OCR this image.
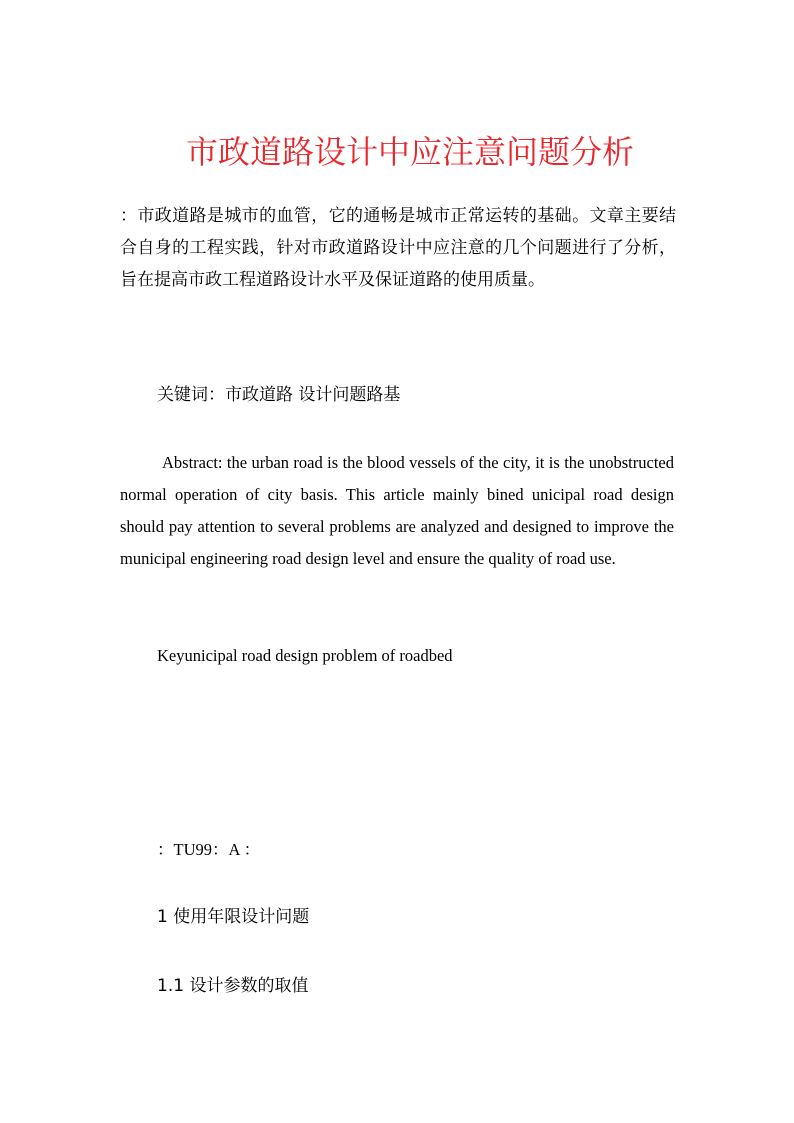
市政道路设计中应注意问题分析
：市政道路是城市的血管，它的通畅是城市正常运转的基础。文章主要结合自身的工程实践，针对市政道路设计中应注意的几个问题进行了分析，旨在提高市政工程道路设计水平及保证道路的使用质量。
关键词：市政道路 设计问题路基
Abstract: the urban road is the blood vessels of the city, it is the unobstructed normal operation of city basis. This article mainly bined unicipal road design should pay attention to several problems are analyzed and designed to improve the municipal engineering road design level and ensure the quality of road use.
Keyunicipal road design problem of roadbed
：TU99：A ：
1 使用年限设计问题
1.1 设计参数的取值
